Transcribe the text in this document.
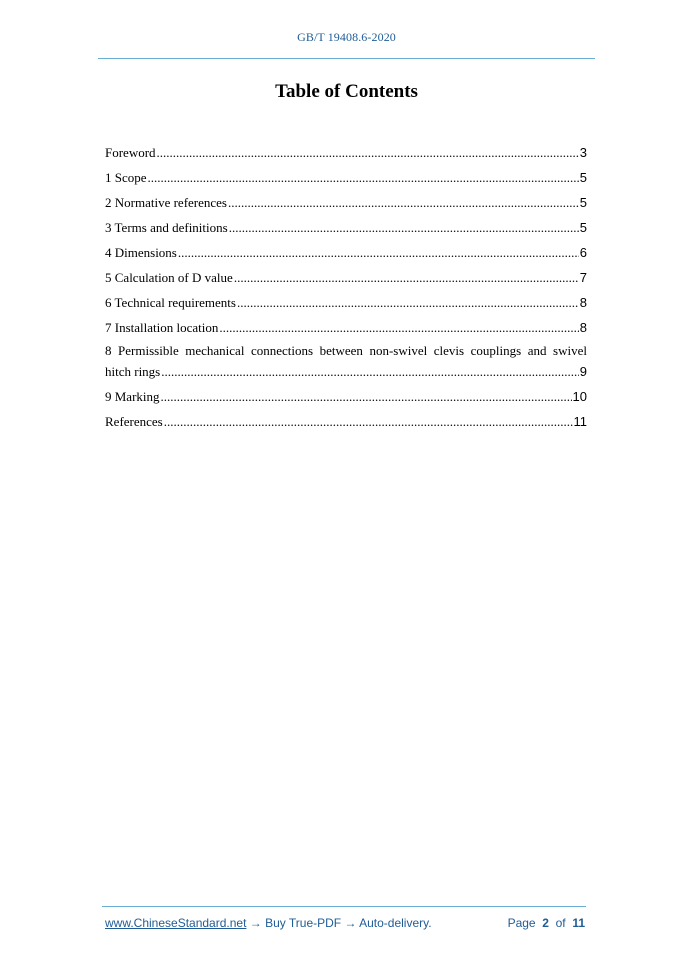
GB/T 19408.6-2020
Table of Contents
Foreword .....	3
1 Scope .....	5
2 Normative references .....	5
3 Terms and definitions .....	5
4 Dimensions .....	6
5 Calculation of D value .....	7
6 Technical requirements .....	8
7 Installation location .....	8
8 Permissible mechanical connections between non-swivel clevis couplings and swivel
hitch rings .....	9
9 Marking .....	10
References .....	11
www.ChineseStandard.net → Buy True-PDF → Auto-delivery.	Page 2 of 11
